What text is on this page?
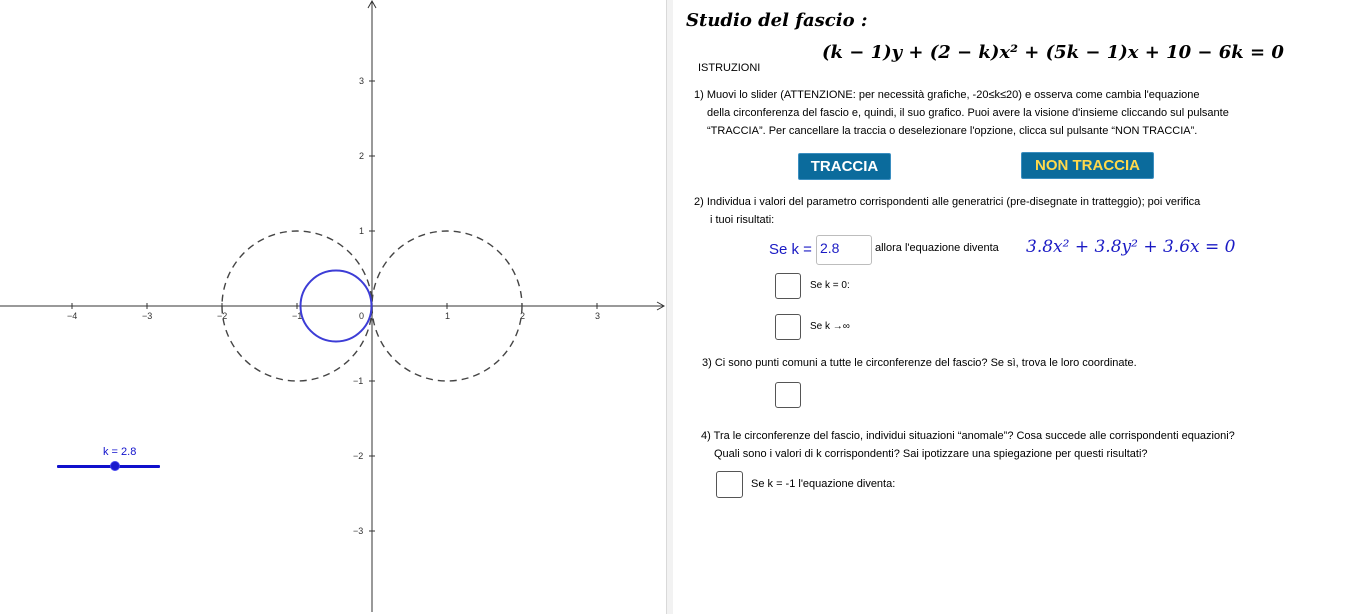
−4	−3	−2	−1	0	1	2	3
3
2
1
−1
−2
−3
k = 2.8
Studio del fascio :
(k − 1)y + (2 − k)x² + (5k − 1)x + 10 − 6k = 0
ISTRUZIONI
1) Muovi lo slider (ATTENZIONE: per necessità grafiche, -20≤k≤20) e osserva come cambia l'equazione
della circonferenza del fascio e, quindi, il suo grafico. Puoi avere la visione d'insieme cliccando sul pulsante
“TRACCIA”. Per cancellare la traccia o deselezionare l'opzione, clicca sul pulsante “NON TRACCIA”.
TRACCIA	NON TRACCIA
2) Individua i valori del parametro corrispondenti alle generatrici (pre-disegnate in tratteggio); poi verifica
i tuoi risultati:
Se k = 2.8	allora l'equazione diventa 3.8x² + 3.8y² + 3.6x = 0
Se k = 0:
Se k →∞
3) Ci sono punti comuni a tutte le circonferenze del fascio? Se sì, trova le loro coordinate.
4) Tra le circonferenze del fascio, individui situazioni “anomale”? Cosa succede alle corrispondenti equazioni?
Quali sono i valori di k corrispondenti? Sai ipotizzare una spiegazione per questi risultati?
Se k = -1 l'equazione diventa:
